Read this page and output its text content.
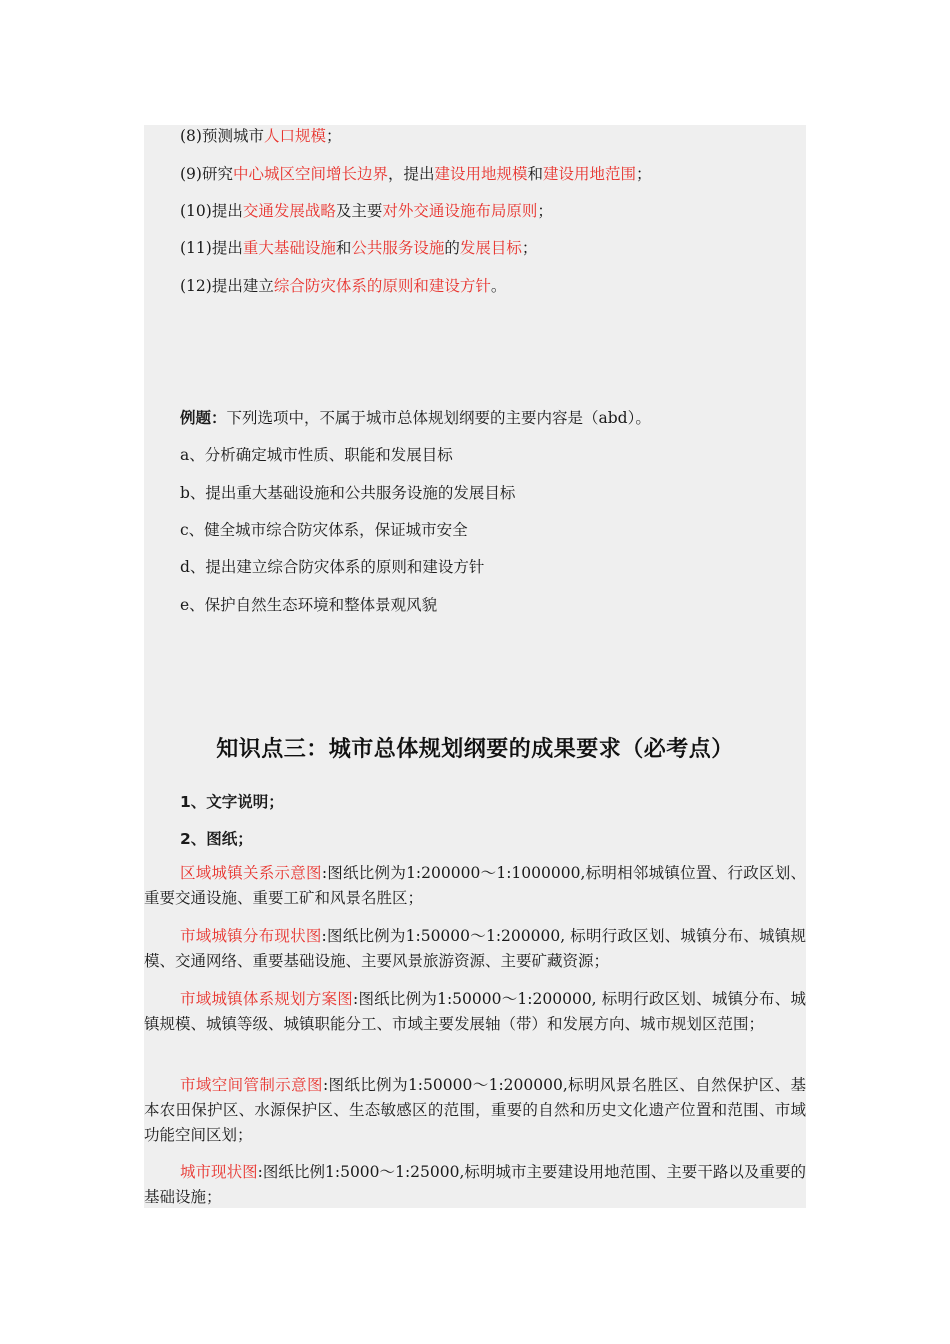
(8)预测城市人口规模；
(9)研究中心城区空间增长边界，提出建设用地规模和建设用地范围；
(10)提出交通发展战略及主要对外交通设施布局原则；
(11)提出重大基础设施和公共服务设施的发展目标；
(12)提出建立综合防灾体系的原则和建设方针。
例题：下列选项中，不属于城市总体规划纲要的主要内容是（abd）。
a、分析确定城市性质、职能和发展目标
b、提出重大基础设施和公共服务设施的发展目标
c、健全城市综合防灾体系，保证城市安全
d、提出建立综合防灾体系的原则和建设方针
e、保护自然生态环境和整体景观风貌
知识点三：城市总体规划纲要的成果要求（必考点）
1、文字说明；
2、图纸；
区域城镇关系示意图:图纸比例为1:200000～1:1000000,标明相邻城镇位置、行政区划、重要交通设施、重要工矿和风景名胜区；
市域城镇分布现状图:图纸比例为1:50000～1:200000, 标明行政区划、城镇分布、城镇规模、交通网络、重要基础设施、主要风景旅游资源、主要矿藏资源；
市域城镇体系规划方案图:图纸比例为1:50000～1:200000, 标明行政区划、城镇分布、城镇规模、城镇等级、城镇职能分工、市域主要发展轴（带）和发展方向、城市规划区范围；
市域空间管制示意图:图纸比例为1:50000～1:200000,标明风景名胜区、自然保护区、基本农田保护区、水源保护区、生态敏感区的范围，重要的自然和历史文化遗产位置和范围、市域功能空间区划；
城市现状图:图纸比例1:5000～1:25000,标明城市主要建设用地范围、主要干路以及重要的基础设施；
